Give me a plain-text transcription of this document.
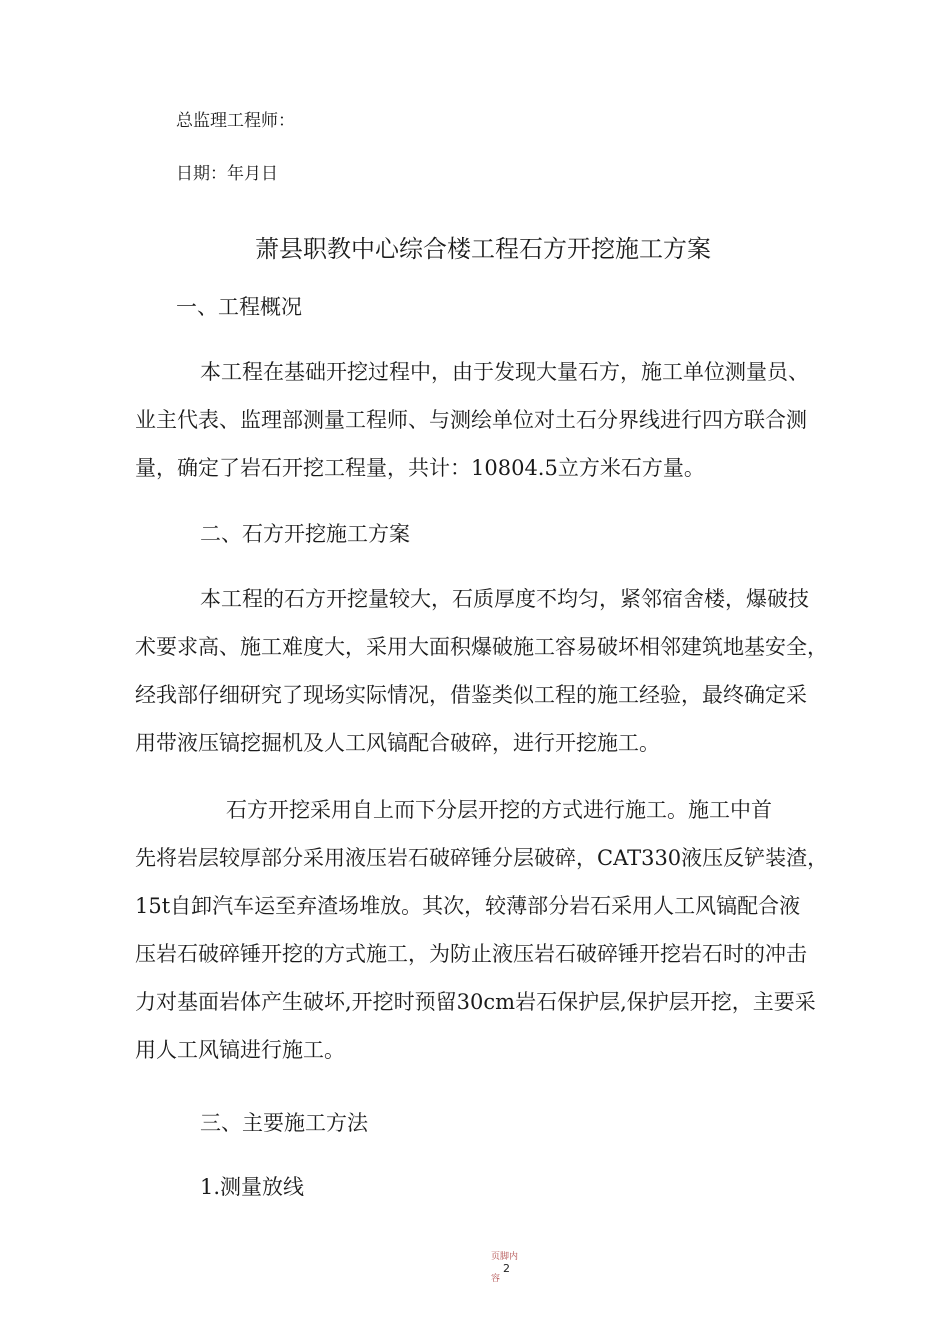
总监理工程师：
日期：年月日
萧县职教中心综合楼工程石方开挖施工方案
一、工程概况
本工程在基础开挖过程中，由于发现大量石方，施工单位测量员、
业主代表、监理部测量工程师、与测绘单位对土石分界线进行四方联合测
量，确定了岩石开挖工程量，共计：10804.5立方米石方量。
二、石方开挖施工方案
本工程的石方开挖量较大，石质厚度不均匀，紧邻宿舍楼，爆破技
术要求高、施工难度大，采用大面积爆破施工容易破坏相邻建筑地基安全，
经我部仔细研究了现场实际情况，借鉴类似工程的施工经验，最终确定采
用带液压镐挖掘机及人工风镐配合破碎，进行开挖施工。
石方开挖采用自上而下分层开挖的方式进行施工。施工中首
先将岩层较厚部分采用液压岩石破碎锤分层破碎，CAT330液压反铲装渣，
15t自卸汽车运至弃渣场堆放。其次，较薄部分岩石采用人工风镐配合液
压岩石破碎锤开挖的方式施工，为防止液压岩石破碎锤开挖岩石时的冲击
力对基面岩体产生破坏,开挖时预留30cm岩石保护层,保护层开挖，主要采
用人工风镐进行施工。
三、主要施工方法
1.测量放线
页脚内
2
容
